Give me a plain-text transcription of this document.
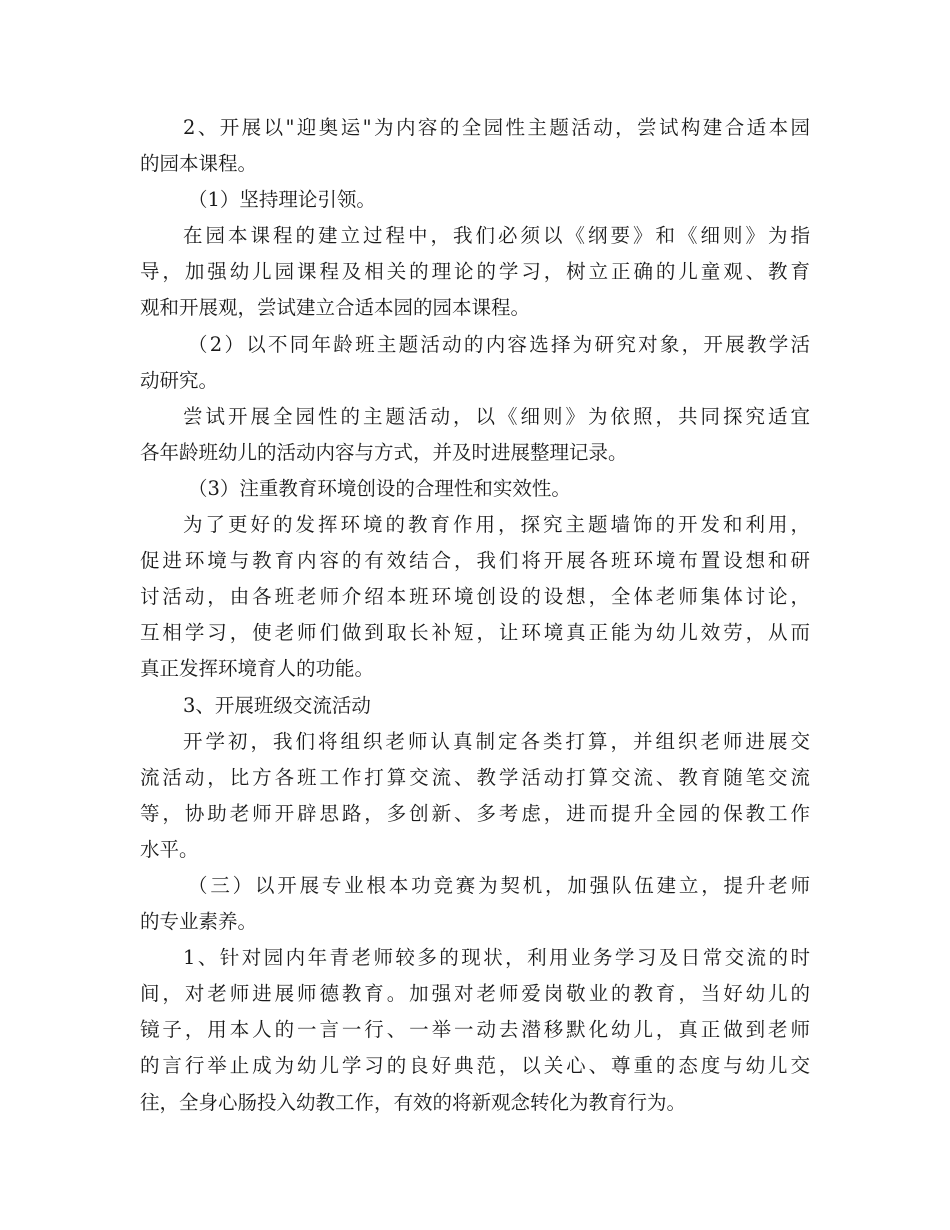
2、开展以"迎奥运"为内容的全园性主题活动，尝试构建合适本园
的园本课程。
（1）坚持理论引领。
在园本课程的建立过程中，我们必须以《纲要》和《细则》为指
导，加强幼儿园课程及相关的理论的学习，树立正确的儿童观、教育
观和开展观，尝试建立合适本园的园本课程。
（2）以不同年龄班主题活动的内容选择为研究对象，开展教学活
动研究。
尝试开展全园性的主题活动，以《细则》为依照，共同探究适宜
各年龄班幼儿的活动内容与方式，并及时进展整理记录。
（3）注重教育环境创设的合理性和实效性。
为了更好的发挥环境的教育作用，探究主题墙饰的开发和利用，
促进环境与教育内容的有效结合，我们将开展各班环境布置设想和研
讨活动，由各班老师介绍本班环境创设的设想，全体老师集体讨论，
互相学习，使老师们做到取长补短，让环境真正能为幼儿效劳，从而
真正发挥环境育人的功能。
3、开展班级交流活动
开学初，我们将组织老师认真制定各类打算，并组织老师进展交
流活动，比方各班工作打算交流、教学活动打算交流、教育随笔交流
等，协助老师开辟思路，多创新、多考虑，进而提升全园的保教工作
水平。
（三）以开展专业根本功竞赛为契机，加强队伍建立，提升老师
的专业素养。
1、针对园内年青老师较多的现状，利用业务学习及日常交流的时
间，对老师进展师德教育。加强对老师爱岗敬业的教育，当好幼儿的
镜子，用本人的一言一行、一举一动去潜移默化幼儿，真正做到老师
的言行举止成为幼儿学习的良好典范，以关心、尊重的态度与幼儿交
往，全身心肠投入幼教工作，有效的将新观念转化为教育行为。
